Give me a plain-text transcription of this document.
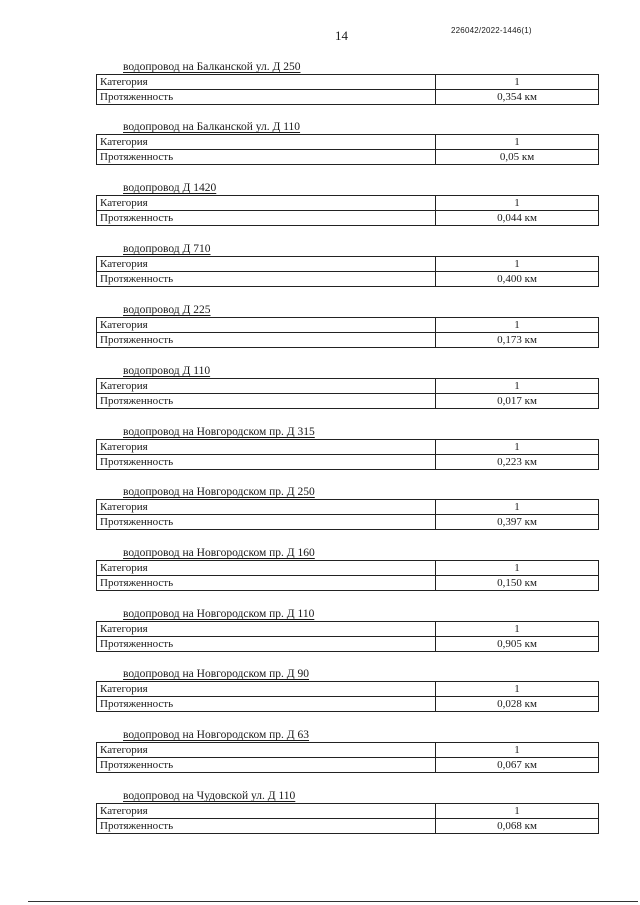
14	226042/2022-1446(1)
водопровод на Балканской ул. Д 250
Категория	1
Протяженность	0,354 км
водопровод на Балканской ул. Д 110
Категория	1
Протяженность	0,05 км
водопровод Д 1420
Категория	1
Протяженность	0,044 км
водопровод Д 710
Категория	1
Протяженность	0,400 км
водопровод Д 225
Категория	1
Протяженность	0,173 км
водопровод Д 110
Категория	1
Протяженность	0,017 км
водопровод на Новгородском пр. Д 315
Категория	1
Протяженность	0,223 км
водопровод на Новгородском пр. Д 250
Категория	1
Протяженность	0,397 км
водопровод на Новгородском пр. Д 160
Категория	1
Протяженность	0,150 км
водопровод на Новгородском пр. Д 110
Категория	1
Протяженность	0,905 км
водопровод на Новгородском пр. Д 90
Категория	1
Протяженность	0,028 км
водопровод на Новгородском пр. Д 63
Категория	1
Протяженность	0,067 км
водопровод на Чудовской ул. Д 110
Категория	1
Протяженность	0,068 км
